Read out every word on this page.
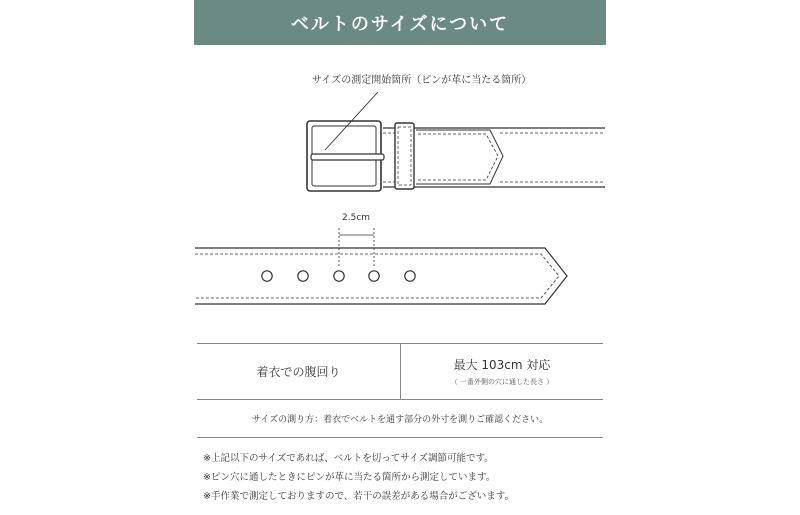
ベルトのサイズについて
サイズの測定開始箇所（ピンが革に当たる箇所）
2.5cm
着衣での腹回り	最大 103cm 対応
（ 一番外側の穴に通した長さ ）
サイズの測り方：着衣でベルトを通す部分の外寸を測りご確認ください。
※上記以下のサイズであれば、ベルトを切ってサイズ調節可能です。
※ピン穴に通したときにピンが革に当たる箇所から測定しています。
※手作業で測定しておりますので、若干の誤差がある場合がございます。
